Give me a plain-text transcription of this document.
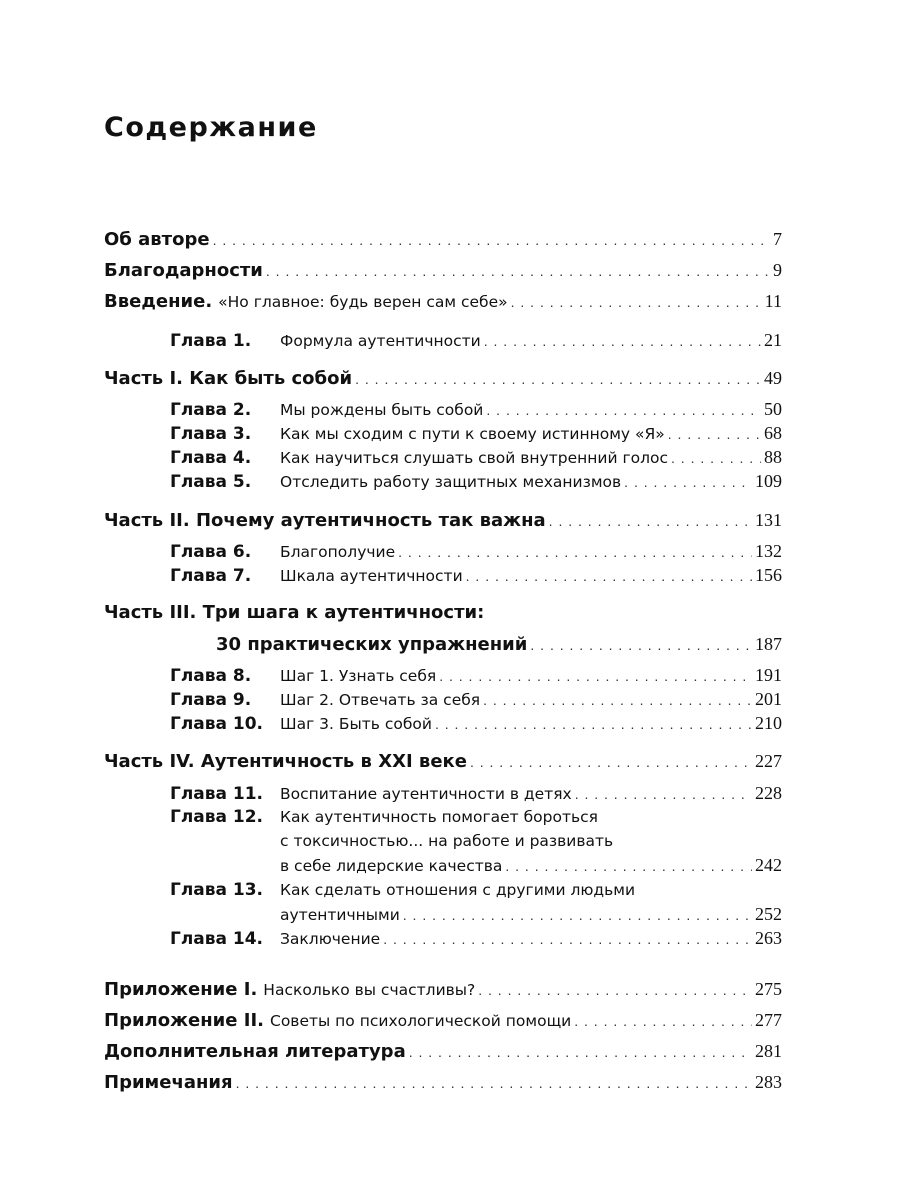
Содержание
Об авторе . . .	7
Благодарности . . .	9
Введение. «Но главное: будь верен сам себе» . . .	11
Глава 1.	Формула аутентичности . . .	21
Часть I. Как быть собой . . .	49
Глава 2.	Мы рождены быть собой . . .	50
Глава 3.	Как мы сходим с пути к своему истинному «Я» . . .	68
Глава 4.	Как научиться слушать свой внутренний голос . . .	88
Глава 5.	Отследить работу защитных механизмов . . .	109
Часть II. Почему аутентичность так важна . . .	131
Глава 6.	Благополучие . . .	132
Глава 7.	Шкала аутентичности . . .	156
Часть III. Три шага к аутентичности:
30 практических упражнений . . .	187
Глава 8.	Шаг 1. Узнать себя . . .	191
Глава 9.	Шаг 2. Отвечать за себя . . .	201
Глава 10.	Шаг 3. Быть собой . . .	210
Часть IV. Аутентичность в XXI веке . . .	227
Глава 11.	Воспитание аутентичности в детях . . .	228
Глава 12.	Как аутентичность помогает бороться
с токсичностью... на работе и развивать
в себе лидерские качества . . .	242
Глава 13.	Как сделать отношения с другими людьми
аутентичными . . .	252
Глава 14.	Заключение . . .	263
Приложение I. Насколько вы счастливы? . . .	275
Приложение II. Советы по психологической помощи . . .	277
Дополнительная литература . . .	281
Примечания . . .	283
